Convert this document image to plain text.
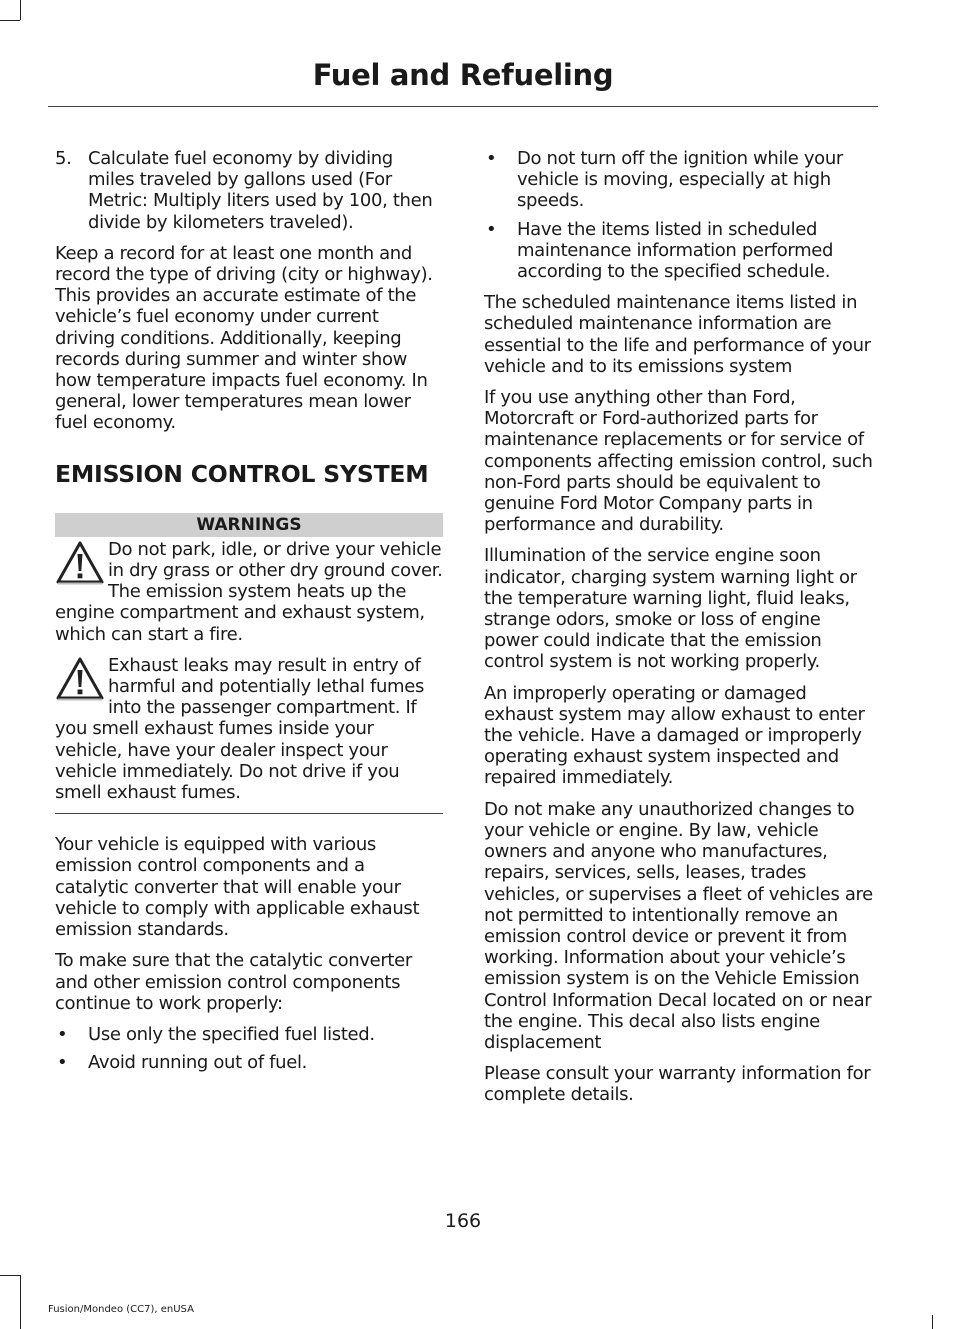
Fuel and Refueling
5. Calculate fuel economy by dividing miles traveled by gallons used (For Metric: Multiply liters used by 100, then divide by kilometers traveled).

Keep a record for at least one month and record the type of driving (city or highway). This provides an accurate estimate of the vehicle’s fuel economy under current driving conditions. Additionally, keeping records during summer and winter show how temperature impacts fuel economy. In general, lower temperatures mean lower fuel economy.

EMISSION CONTROL SYSTEM
WARNINGS
Do not park, idle, or drive your vehicle in dry grass or other dry ground cover. The emission system heats up the engine compartment and exhaust system, which can start a fire.
Exhaust leaks may result in entry of harmful and potentially lethal fumes into the passenger compartment. If you smell exhaust fumes inside your vehicle, have your dealer inspect your vehicle immediately. Do not drive if you smell exhaust fumes.

Your vehicle is equipped with various emission control components and a catalytic converter that will enable your vehicle to comply with applicable exhaust emission standards.

To make sure that the catalytic converter and other emission control components continue to work properly:

• Use only the specified fuel listed.
• Avoid running out of fuel.
• Do not turn off the ignition while your vehicle is moving, especially at high speeds.
• Have the items listed in scheduled maintenance information performed according to the specified schedule.

The scheduled maintenance items listed in scheduled maintenance information are essential to the life and performance of your vehicle and to its emissions system

If you use anything other than Ford, Motorcraft or Ford-authorized parts for maintenance replacements or for service of components affecting emission control, such non-Ford parts should be equivalent to genuine Ford Motor Company parts in performance and durability.

Illumination of the service engine soon indicator, charging system warning light or the temperature warning light, fluid leaks, strange odors, smoke or loss of engine power could indicate that the emission control system is not working properly.

An improperly operating or damaged exhaust system may allow exhaust to enter the vehicle. Have a damaged or improperly operating exhaust system inspected and repaired immediately.

Do not make any unauthorized changes to your vehicle or engine. By law, vehicle owners and anyone who manufactures, repairs, services, sells, leases, trades vehicles, or supervises a fleet of vehicles are not permitted to intentionally remove an emission control device or prevent it from working. Information about your vehicle’s emission system is on the Vehicle Emission Control Information Decal located on or near the engine. This decal also lists engine displacement

Please consult your warranty information for complete details.

166
Fusion/Mondeo (CC7), enUSA
